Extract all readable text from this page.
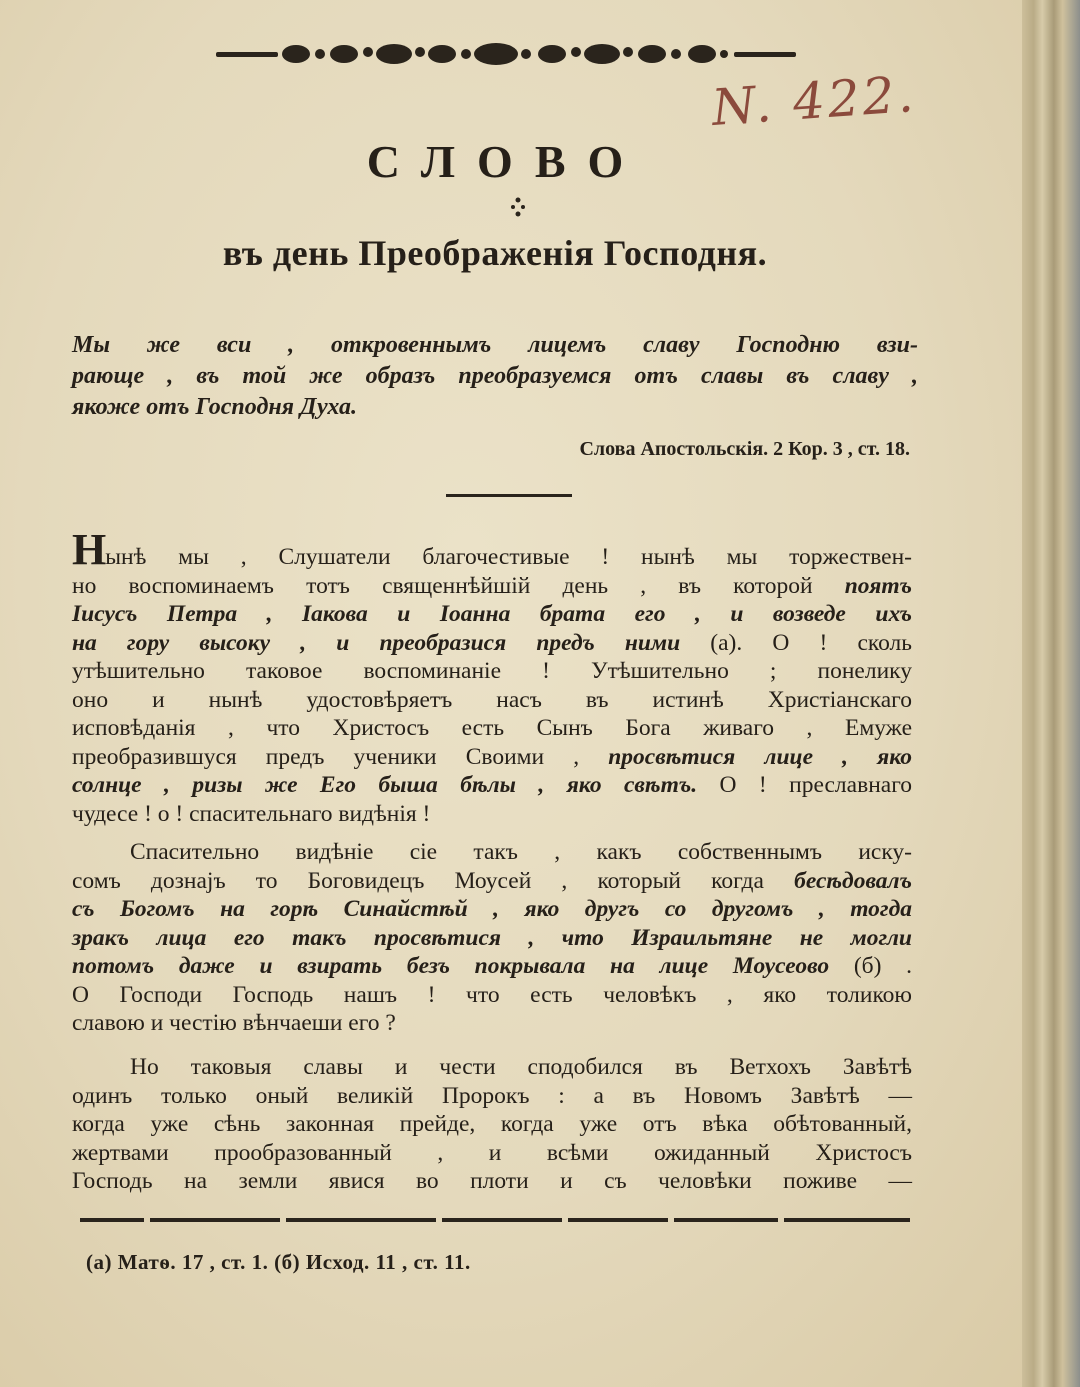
N. 422.
СЛОВО
въ день Преображенія Господня.
Мы же вси , откровеннымъ лицемъ славу Господню взи-
рающе , въ той же образъ преобразуемся отъ славы въ славу ,
якоже отъ Господня Духа.
Слова Апостольскія. 2 Кор. 3 , ст. 18.
Нынѣ мы , Слушатели благочестивые ! нынѣ мы торжествен-
но воспоминаемъ тотъ священнѣйшій день , въ которой поятъ
Іисусъ Петра , Іакова и Іоанна брата его , и возведе ихъ
на гору высоку , и преобразися предъ ними (а). О ! сколь
утѣшительно таковое воспоминаніе ! Утѣшительно ; понелику
оно и нынѣ удостовѣряетъ насъ въ истинѣ Христіанскаго
исповѣданія , что Христосъ есть Сынъ Бога живаго , Емуже
преобразившуся предъ ученики Своими , просвѣтися лице , яко
солнце , ризы же Его быша бѣлы , яко свѣтъ. О ! преславнаго
чудесе ! о ! спасительнаго видѣнія !
Спасительно видѣніе сіе такъ , какъ собственнымъ иску-
сомъ дознаjъ то Боговидецъ Моусей , который когда бесѣдовалъ
съ Богомъ на горѣ Синайстѣй , яко другъ со другомъ , тогда
зракъ лица его такъ просвѣтися , что Израильтяне не могли
потомъ даже и взирать безъ покрывала на лице Моусеово (б) .
О Господи Господь нашъ ! что есть человѣкъ , яко толикою
славою и честію вѣнчаеши его ?
Но таковыя славы и чести сподобился въ Ветхохъ Завѣтѣ
одинъ только оный великій Пророкъ : а въ Новомъ Завѣтѣ —
когда уже сѣнь законная прейде, когда уже отъ вѣка обѣтованный,
жертвами прообразованный , и всѣми ожиданный Христосъ
Господь на земли явися во плоти и съ человѣки поживе —
(а) Матѳ. 17 , ст. 1. (б) Исход. 11 , ст. 11.
